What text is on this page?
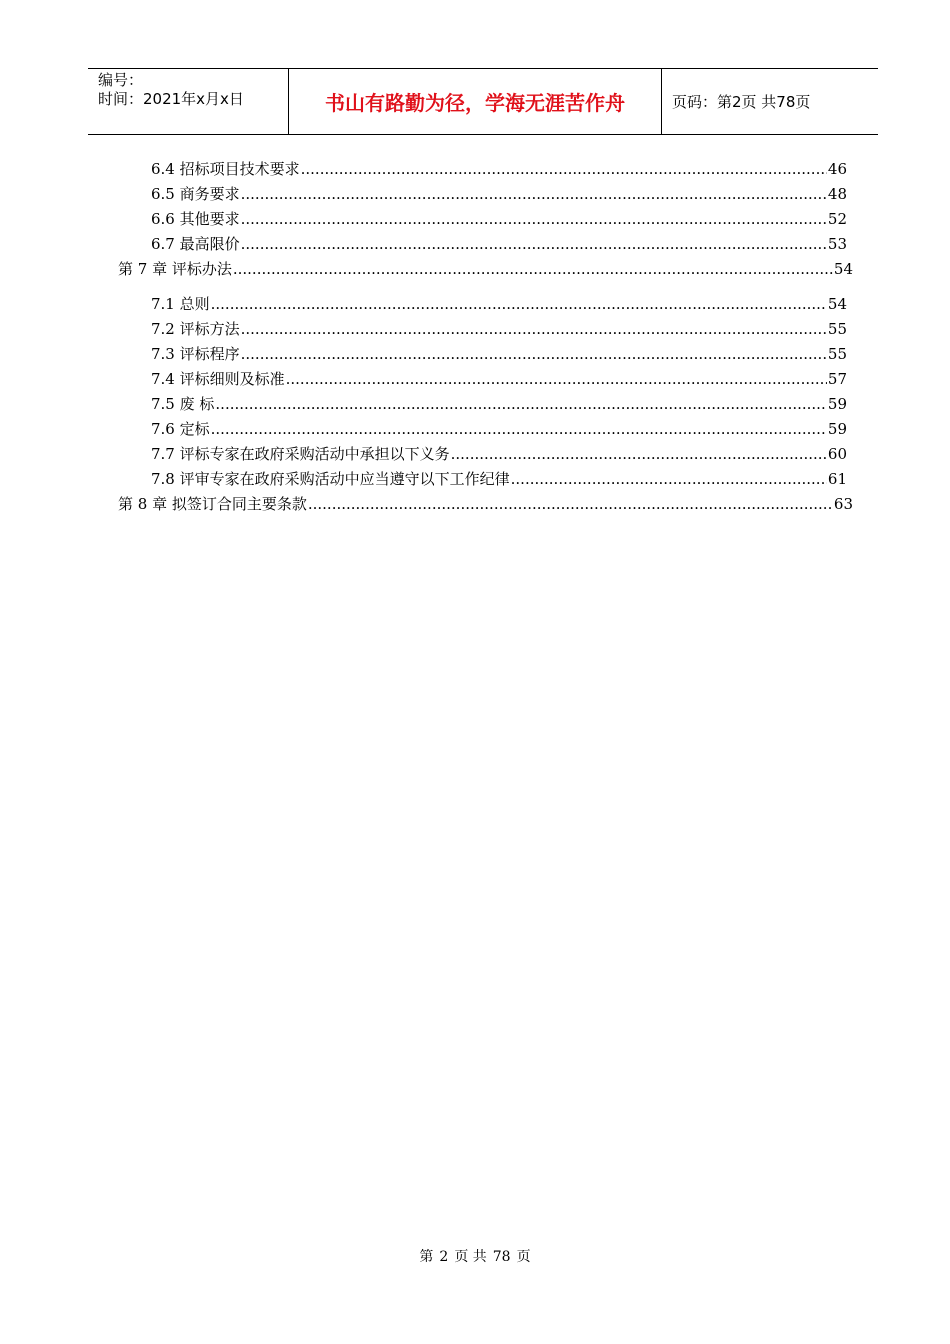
编号：
时间：2021年x月x日	书山有路勤为径，学海无涯苦作舟	页码：第2页 共78页
6.4 招标项目技术要求 .....	46
6.5 商务要求 .....	48
6.6 其他要求 .....	52
6.7 最高限价 .....	53
第 7 章 评标办法 .....	54
7.1 总则 .....	54
7.2 评标方法 .....	55
7.3 评标程序 .....	55
7.4 评标细则及标准 .....	57
7.5 废 标 .....	59
7.6 定标 .....	59
7.7 评标专家在政府采购活动中承担以下义务 .....	60
7.8 评审专家在政府采购活动中应当遵守以下工作纪律 .....	61
第 8 章 拟签订合同主要条款 .....	63
第 2 页 共 78 页
